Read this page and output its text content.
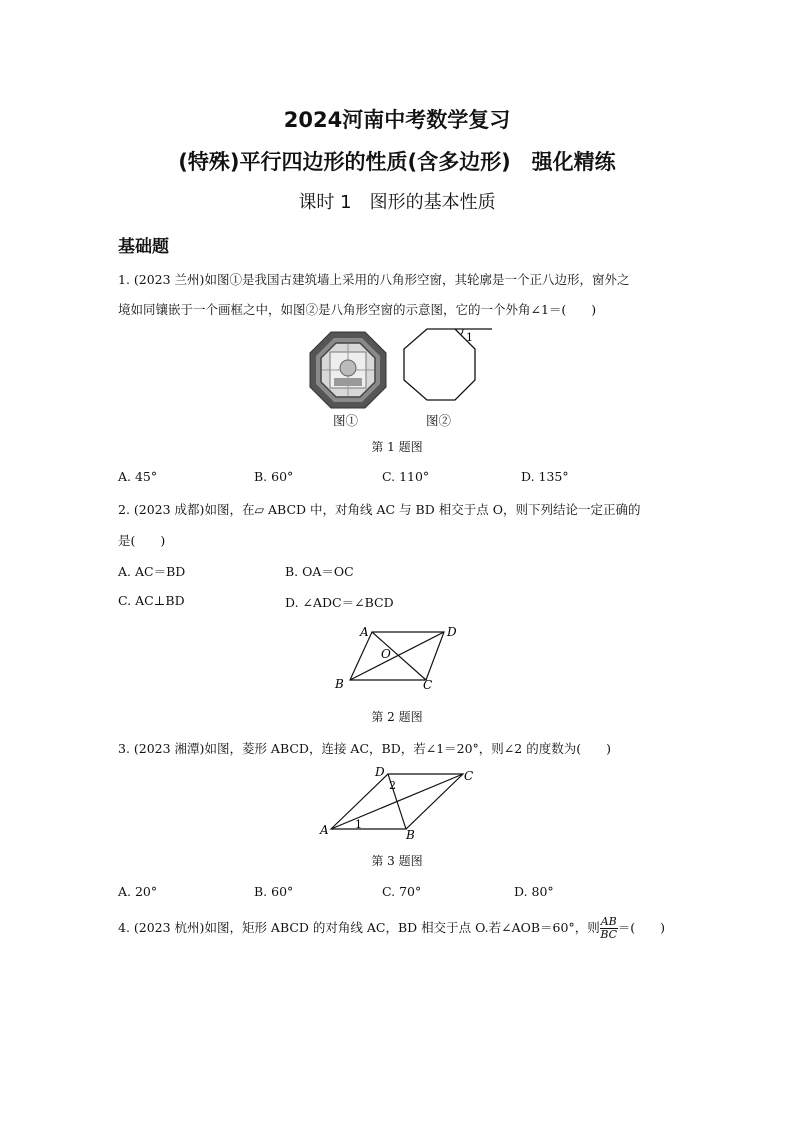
2024河南中考数学复习
(特殊)平行四边形的性质(含多边形)　强化精练
课时 1　图形的基本性质
基础题
1. (2023 兰州)如图①是我国古建筑墙上采用的八角形空窗，其轮廓是一个正八边形，窗外之
境如同镶嵌于一个画框之中，如图②是八角形空窗的示意图，它的一个外角∠1＝(　　)
图①
1
图②
第 1 题图
A. 45°	B. 60°	C. 110°	D. 135°
2. (2023 成都)如图，在▱ ABCD 中，对角线 AC 与 BD 相交于点 O，则下列结论一定正确的
是(　　)
A. AC＝BD	B. OA＝OC
C. AC⊥BD	D. ∠ADC＝∠BCD
A	D
B	C
O
第 2 题图
3. (2023 湘潭)如图，菱形 ABCD，连接 AC，BD，若∠1＝20°，则∠2 的度数为(　　)
A	B
C
D
1
2
第 3 题图
A. 20°	B. 60°	C. 70°	D. 80°
4. (2023 杭州)如图，矩形 ABCD 的对角线 AC，BD 相交于点 O.若∠AOB＝60°，则 $\frac{AB}{BC}$ ＝(　　)
